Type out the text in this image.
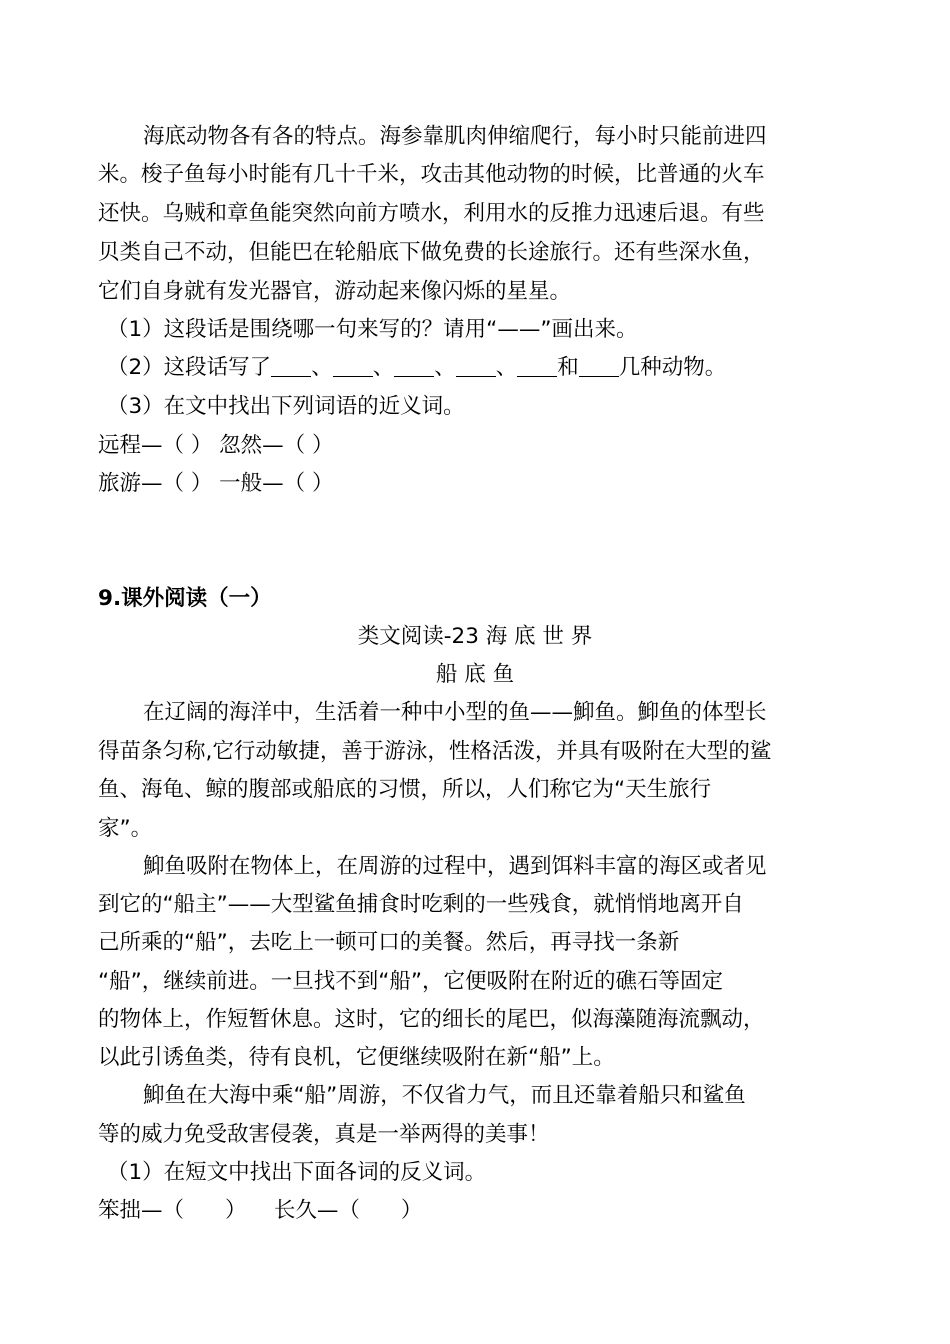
海底动物各有各的特点。海参靠肌肉伸缩爬行，每小时只能前进四
米。梭子鱼每小时能有几十千米，攻击其他动物的时候，比普通的火车
还快。乌贼和章鱼能突然向前方喷水，利用水的反推力迅速后退。有些
贝类自己不动，但能巴在轮船底下做免费的长途旅行。还有些深水鱼，
它们自身就有发光器官，游动起来像闪烁的星星。
（1）这段话是围绕哪一句来写的？请用“——”画出来。
（2）这段话写了 、 、 、 、 和 几种动物。
（3）在文中找出下列词语的近义词。
远程—（ ） 忽然—（ ）
旅游—（ ） 一般—（ ）
9.课外阅读（一）
类文阅读-23 海 底 世 界
船 底 鱼
在辽阔的海洋中，生活着一种中小型的鱼——鮣鱼。鮣鱼的体型长
得苗条匀称,它行动敏捷，善于游泳，性格活泼，并具有吸附在大型的鲨
鱼、海龟、鲸的腹部或船底的习惯，所以，人们称它为“天生旅行
家”。
鮣鱼吸附在物体上，在周游的过程中，遇到饵料丰富的海区或者见
到它的“船主”——大型鲨鱼捕食时吃剩的一些残食，就悄悄地离开自
己所乘的“船”，去吃上一顿可口的美餐。然后，再寻找一条新
“船”，继续前进。一旦找不到“船”，它便吸附在附近的礁石等固定
的物体上，作短暂休息。这时，它的细长的尾巴，似海藻随海流飘动，
以此引诱鱼类，待有良机，它便继续吸附在新“船”上。
鮣鱼在大海中乘“船”周游，不仅省力气，而且还靠着船只和鲨鱼
等的威力免受敌害侵袭，真是一举两得的美事！
（1）在短文中找出下面各词的反义词。
笨拙—（      ）    长久—（      ）
